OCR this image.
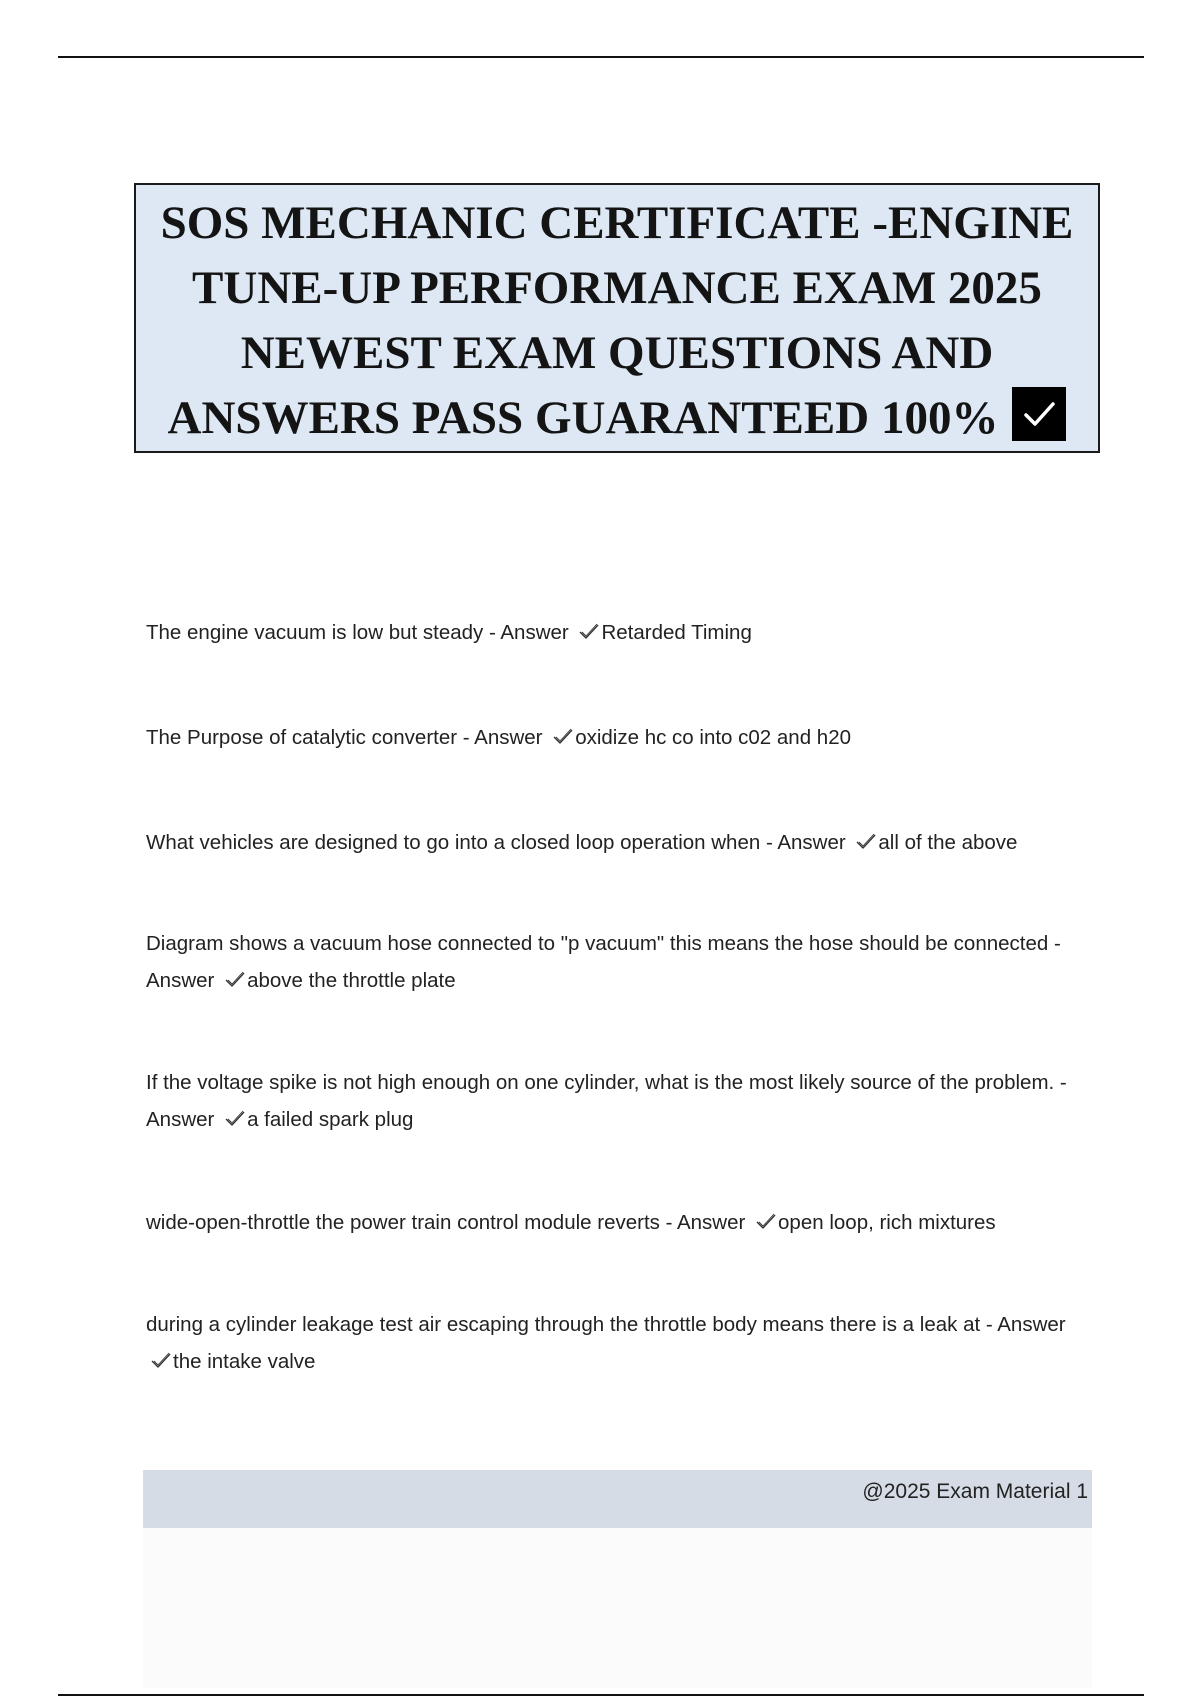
SOS MECHANIC CERTIFICATE -ENGINE
TUNE-UP PERFORMANCE EXAM 2025
NEWEST EXAM QUESTIONS AND
ANSWERS PASS GUARANTEED 100%
The engine vacuum is low but steady - Answer Retarded Timing
The Purpose of catalytic converter - Answer oxidize hc co into c02 and h20
What vehicles are designed to go into a closed loop operation when - Answer all of the above
Diagram shows a vacuum hose connected to "p vacuum" this means the hose should be connected - Answer above the throttle plate
If the voltage spike is not high enough on one cylinder, what is the most likely source of the problem. - Answer a failed spark plug
wide-open-throttle the power train control module reverts - Answer open loop, rich mixtures
during a cylinder leakage test air escaping through the throttle body means there is a leak at - Answer the intake valve
@2025 Exam Material 1
